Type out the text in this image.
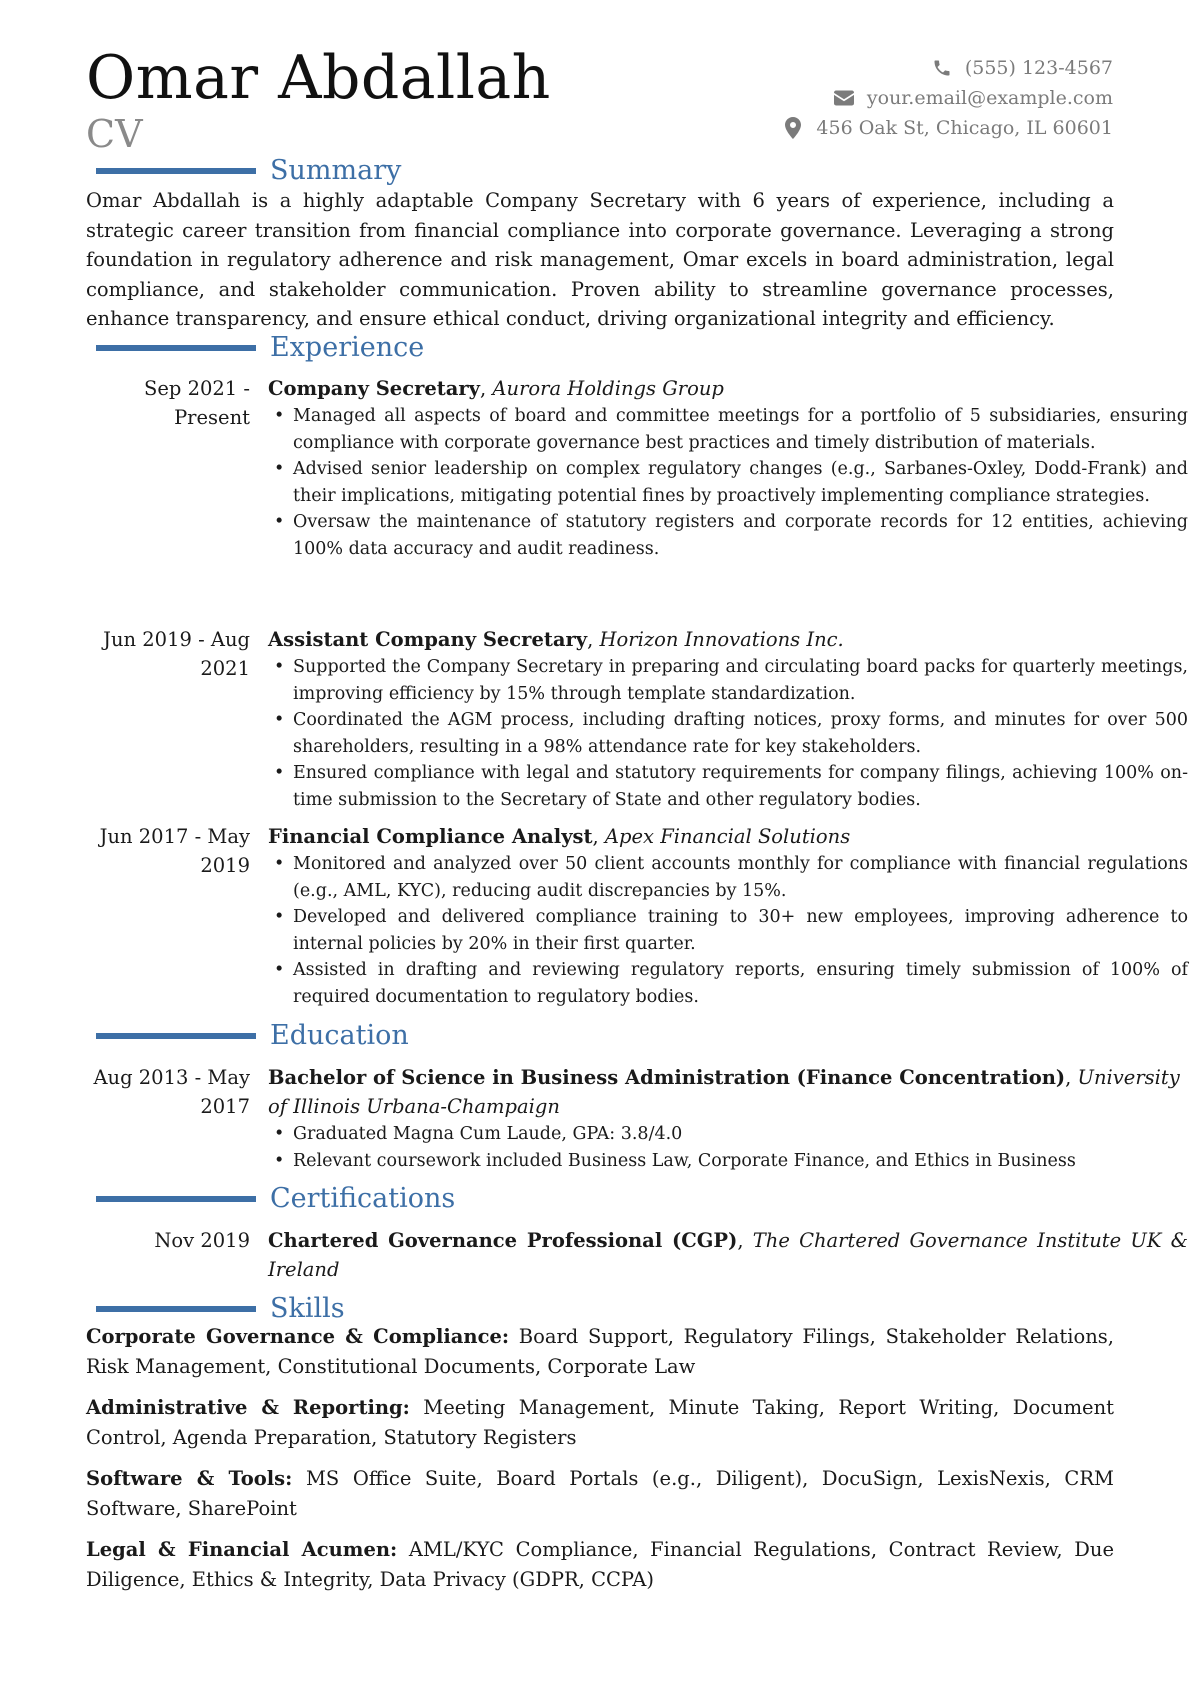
Omar Abdallah
CV
(555) 123-4567
your.email@example.com
456 Oak St, Chicago, IL 60601
Summary

Omar Abdallah is a highly adaptable Company Secretary with 6 years of experience, including a strategic career transition from financial compliance into corporate governance. Leveraging a strong foundation in regulatory adherence and risk management, Omar excels in board administration, legal compliance, and stakeholder communication. Proven ability to streamline governance processes, enhance transparency, and ensure ethical conduct, driving organizational integrity and efficiency.

Experience
Sep 2021 - Present

Company Secretary, Aurora Holdings Group

• Managed all aspects of board and committee meetings for a portfolio of 5 subsidiaries, ensuring compliance with corporate governance best practices and timely distribution of materials.
• Advised senior leadership on complex regulatory changes (e.g., Sarbanes-Oxley, Dodd-Frank) and their implications, mitigating potential fines by proactively implementing compliance strategies.
• Oversaw the maintenance of statutory registers and corporate records for 12 entities, achieving 100% data accuracy and audit readiness.
Jun 2019 - Aug 2021

Assistant Company Secretary, Horizon Innovations Inc.

• Supported the Company Secretary in preparing and circulating board packs for quarterly meetings, improving efficiency by 15% through template standardization.
• Coordinated the AGM process, including drafting notices, proxy forms, and minutes for over 500 shareholders, resulting in a 98% attendance rate for key stakeholders.
• Ensured compliance with legal and statutory requirements for company filings, achieving 100% on-time submission to the Secretary of State and other regulatory bodies.
Jun 2017 - May 2019

Financial Compliance Analyst, Apex Financial Solutions

• Monitored and analyzed over 50 client accounts monthly for compliance with financial regulations (e.g., AML, KYC), reducing audit discrepancies by 15%.
• Developed and delivered compliance training to 30+ new employees, improving adherence to internal policies by 20% in their first quarter.
• Assisted in drafting and reviewing regulatory reports, ensuring timely submission of 100% of required documentation to regulatory bodies.
Education
Aug 2013 - May 2017

Bachelor of Science in Business Administration (Finance Concentration), University of Illinois Urbana-Champaign

• Graduated Magna Cum Laude, GPA: 3.8/4.0
• Relevant coursework included Business Law, Corporate Finance, and Ethics in Business
Certifications
Nov 2019 Chartered Governance Professional (CGP), The Chartered Governance Institute UK & Ireland

Skills

Corporate Governance & Compliance: Board Support, Regulatory Filings, Stakeholder Relations, Risk Management, Constitutional Documents, Corporate Law

Administrative & Reporting: Meeting Management, Minute Taking, Report Writing, Document Control, Agenda Preparation, Statutory Registers

Software & Tools: MS Office Suite, Board Portals (e.g., Diligent), DocuSign, LexisNexis, CRM Software, SharePoint

Legal & Financial Acumen: AML/KYC Compliance, Financial Regulations, Contract Review, Due Diligence, Ethics & Integrity, Data Privacy (GDPR, CCPA)
